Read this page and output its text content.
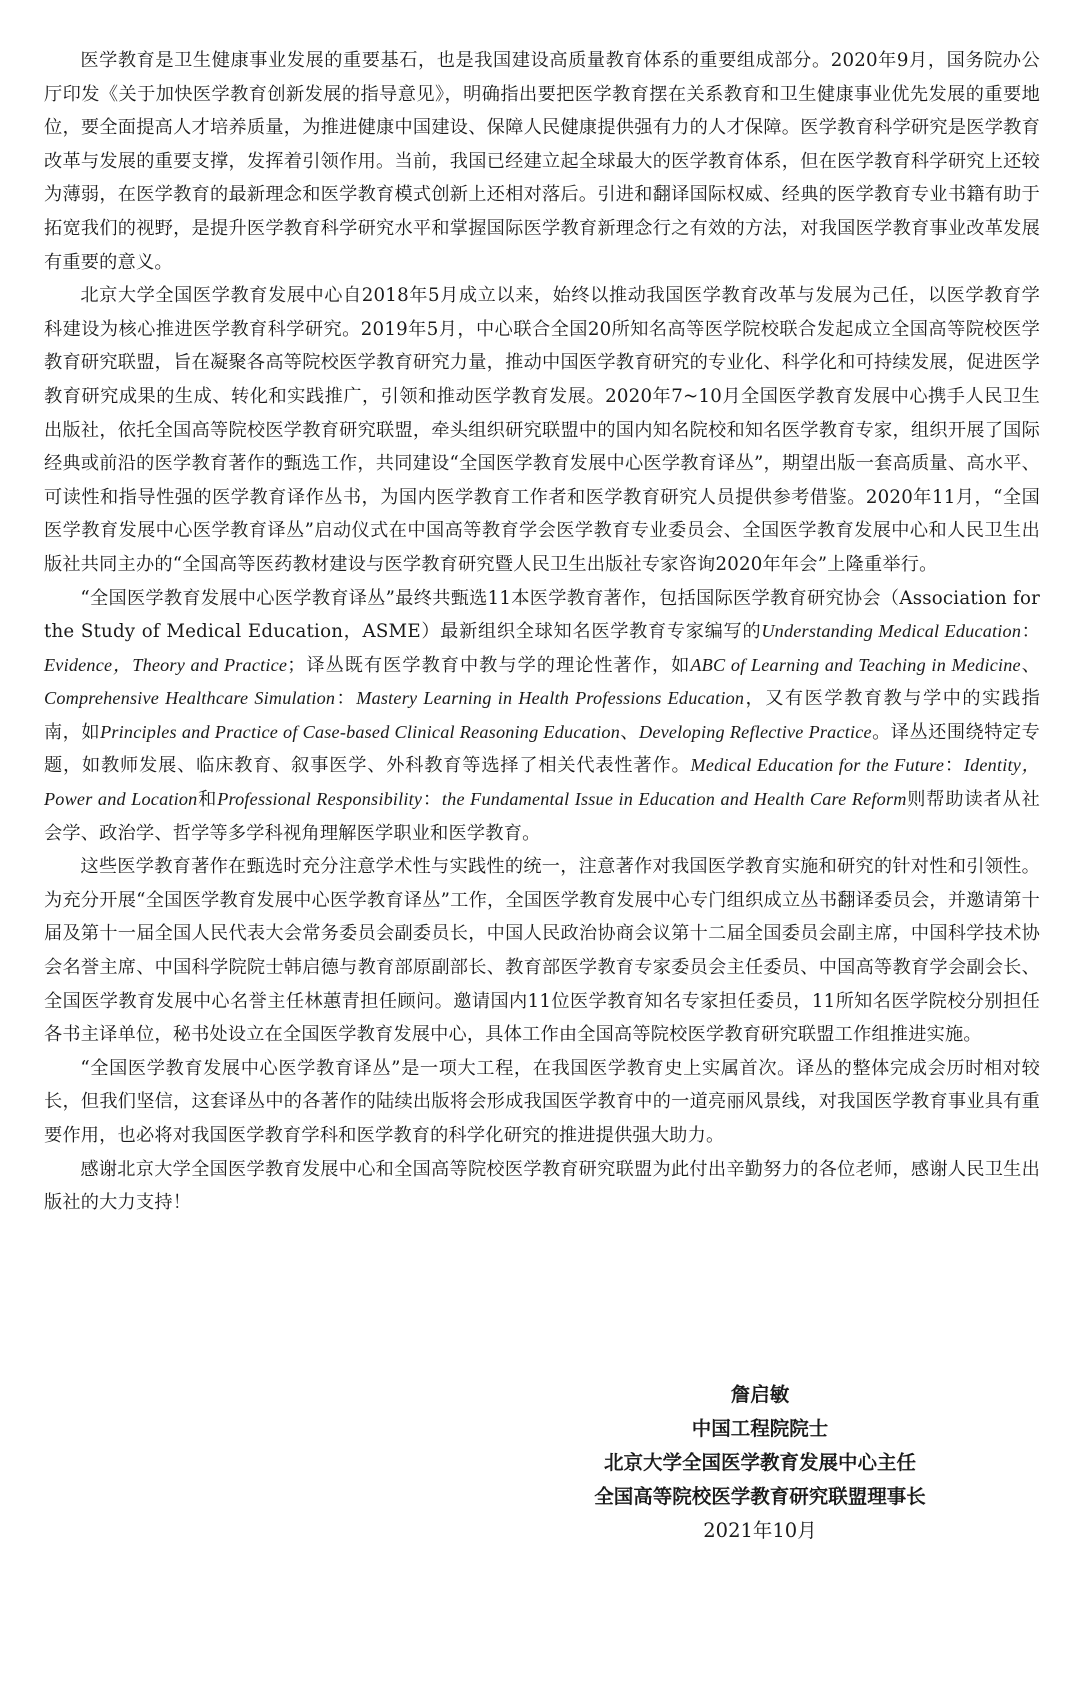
医学教育是卫生健康事业发展的重要基石，也是我国建设高质量教育体系的重要组成部分。2020年9月，国务院办公厅印发《关于加快医学教育创新发展的指导意见》，明确指出要把医学教育摆在关系教育和卫生健康事业优先发展的重要地位，要全面提高人才培养质量，为推进健康中国建设、保障人民健康提供强有力的人才保障。医学教育科学研究是医学教育改革与发展的重要支撑，发挥着引领作用。当前，我国已经建立起全球最大的医学教育体系，但在医学教育科学研究上还较为薄弱，在医学教育的最新理念和医学教育模式创新上还相对落后。引进和翻译国际权威、经典的医学教育专业书籍有助于拓宽我们的视野，是提升医学教育科学研究水平和掌握国际医学教育新理念行之有效的方法，对我国医学教育事业改革发展有重要的意义。

北京大学全国医学教育发展中心自2018年5月成立以来，始终以推动我国医学教育改革与发展为己任，以医学教育学科建设为核心推进医学教育科学研究。2019年5月，中心联合全国20所知名高等医学院校联合发起成立全国高等院校医学教育研究联盟，旨在凝聚各高等院校医学教育研究力量，推动中国医学教育研究的专业化、科学化和可持续发展，促进医学教育研究成果的生成、转化和实践推广，引领和推动医学教育发展。2020年7~10月全国医学教育发展中心携手人民卫生出版社，依托全国高等院校医学教育研究联盟，牵头组织研究联盟中的国内知名院校和知名医学教育专家，组织开展了国际经典或前沿的医学教育著作的甄选工作，共同建设“全国医学教育发展中心医学教育译丛”，期望出版一套高质量、高水平、可读性和指导性强的医学教育译作丛书，为国内医学教育工作者和医学教育研究人员提供参考借鉴。2020年11月，“全国医学教育发展中心医学教育译丛”启动仪式在中国高等教育学会医学教育专业委员会、全国医学教育发展中心和人民卫生出版社共同主办的“全国高等医药教材建设与医学教育研究暨人民卫生出版社专家咨询2020年年会”上隆重举行。

“全国医学教育发展中心医学教育译丛”最终共甄选11本医学教育著作，包括国际医学教育研究协会（Association for the Study of Medical Education，ASME）最新组织全球知名医学教育专家编写的Understanding Medical Education：Evidence，Theory and Practice；译丛既有医学教育中教与学的理论性著作，如ABC of Learning and Teaching in Medicine、Comprehensive Healthcare Simulation：Mastery Learning in Health Professions Education，又有医学教育教与学中的实践指南，如Principles and Practice of Case-based Clinical Reasoning Education、Developing Reflective Practice。译丛还围绕特定专题，如教师发展、临床教育、叙事医学、外科教育等选择了相关代表性著作。Medical Education for the Future：Identity，Power and Location和Professional Responsibility：the Fundamental Issue in Education and Health Care Reform则帮助读者从社会学、政治学、哲学等多学科视角理解医学职业和医学教育。

这些医学教育著作在甄选时充分注意学术性与实践性的统一，注意著作对我国医学教育实施和研究的针对性和引领性。为充分开展“全国医学教育发展中心医学教育译丛”工作，全国医学教育发展中心专门组织成立丛书翻译委员会，并邀请第十届及第十一届全国人民代表大会常务委员会副委员长，中国人民政治协商会议第十二届全国委员会副主席，中国科学技术协会名誉主席、中国科学院院士韩启德与教育部原副部长、教育部医学教育专家委员会主任委员、中国高等教育学会副会长、全国医学教育发展中心名誉主任林蕙青担任顾问。邀请国内11位医学教育知名专家担任委员，11所知名医学院校分别担任各书主译单位，秘书处设立在全国医学教育发展中心，具体工作由全国高等院校医学教育研究联盟工作组推进实施。

“全国医学教育发展中心医学教育译丛”是一项大工程，在我国医学教育史上实属首次。译丛的整体完成会历时相对较长，但我们坚信，这套译丛中的各著作的陆续出版将会形成我国医学教育中的一道亮丽风景线，对我国医学教育事业具有重要作用，也必将对我国医学教育学科和医学教育的科学化研究的推进提供强大助力。

感谢北京大学全国医学教育发展中心和全国高等院校医学教育研究联盟为此付出辛勤努力的各位老师，感谢人民卫生出版社的大力支持！

詹启敏
中国工程院院士
北京大学全国医学教育发展中心主任
全国高等院校医学教育研究联盟理事长
2021年10月
